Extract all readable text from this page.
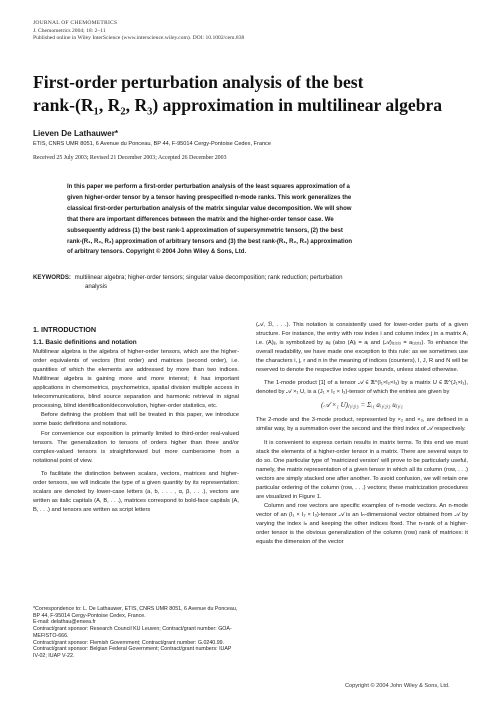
JOURNAL OF CHEMOMETRICS
J. Chemometrics 2004; 18: 2–11
Published online in Wiley InterScience (www.interscience.wiley.com). DOI: 10.1002/cem.838
First-order perturbation analysis of the best
rank-(R₁, R₂, R₃) approximation in multilinear algebra
Lieven De Lathauwer*
ETIS, CNRS UMR 8051, 6 Avenue du Ponceau, BP 44, F-95014 Cergy-Pontoise Cedex, France
Received 25 July 2003; Revised 21 December 2003; Accepted 26 December 2003
In this paper we perform a first-order perturbation analysis of the least squares approximation of a
given higher-order tensor by a tensor having prespecified n-mode ranks. This work generalizes the
classical first-order perturbation analysis of the matrix singular value decomposition. We will show
that there are important differences between the matrix and the higher-order tensor case. We
subsequently address (1) the best rank-1 approximation of supersymmetric tensors, (2) the best
rank-(R₁, R₂, R₃) approximation of arbitrary tensors and (3) the best rank-(R₁, R₂, R₃) approximation
of arbitrary tensors. Copyright © 2004 John Wiley & Sons, Ltd.
KEYWORDS: multilinear algebra; higher-order tensors; singular value decomposition; rank reduction; perturbation
analysis
1. INTRODUCTION
1.1. Basic definitions and notation
Multilinear algebra is the algebra of higher-order tensors, which are the higher-order equivalents of vectors (first order) and matrices (second order), i.e. quantities of which the elements are addressed by more than two indices. Multilinear algebra is gaining more and more interest; it has important applications in chemometrics, psychometrics, spatial division multiple access in telecommunications, blind source separation and harmonic retrieval in signal processing, blind identification/deconvolution, higher-order statistics, etc.
Before defining the problem that will be treated in this paper, we introduce some basic definitions and notations.
For convenience our exposition is primarily limited to third-order real-valued tensors. The generalization to tensors of orders higher than three and/or complex-valued tensors is straightforward but more cumbersome from a notational point of view.
To facilitate the distinction between scalars, vectors, matrices and higher-order tensors, we will indicate the type of a given quantity by its representation: scalars are denoted by lower-case letters (a, b, . . . , α, β, . . .), vectors are written as italic capitals (A, B, . . .), matrices correspond to bold-face capitals (A, B, . . .) and tensors are written as script letters
*Correspondence to: L. De Lathauwer, ETIS, CNRS UMR 8051, 6 Avenue du Ponceau, BP 44, F-95014 Cergy-Pontoise Cedex, France.
E-mail: delathau@ensea.fr
Contract/grant sponsor: Research Council KU Leuven; Contract/grant number: GOA-MEFISTO-666.
Contract/grant sponsor: Flemish Government; Contract/grant number: G.0240.99.
Contract/grant sponsor: Belgian Federal Government; Contract/grant numbers: IUAP IV-02; IUAP V-22.
(𝒜, ℬ, . . .). This notation is consistently used for lower-order parts of a given structure. For instance, the entry with row index i and column index j in a matrix A, i.e. (A)ᵢⱼ, is symbolized by aᵢⱼ (also (A)ᵢ = aᵢ and (𝒜)ᵢ₁ᵢ₂ᵢ₃ = aᵢ₁ᵢ₂ᵢ₃). To enhance the overall readability, we have made one exception to this rule: as we sometimes use the characters i, j, r and n in the meaning of indices (counters), I, J, R and N will be reserved to denote the respective index upper bounds, unless stated otherwise.
The 1-mode product [1] of a tensor 𝒜 ∈ ℝ^(I₁×I₂×I₃) by a matrix U ∈ ℝ^(J₁×I₁), denoted by 𝒜 ×₁ U, is a (J₁ × I₂ × I₃)-tensor of which the entries are given by
(𝒜 ×₁ U)ⱼ₁ᵢ₂ᵢ₃ = Σᵢ₁ aᵢ₁ᵢ₂ᵢ₃ uⱼ₁ᵢ₁
The 2-mode and the 3-mode product, represented by ×₂ and ×₃, are defined in a similar way, by a summation over the second and the third index of 𝒜 respectively.
It is convenient to express certain results in matrix terms. To this end we must stack the elements of a higher-order tensor in a matrix. There are several ways to do so. One particular type of 'matricized version' will prove to be particularly useful, namely, the matrix representation of a given tensor in which all its column (row, . . .) vectors are simply stacked one after another. To avoid confusion, we will retain one particular ordering of the column (row, . . .) vectors; these matricization procedures are visualized in Figure 1.
Column and row vectors are specific examples of n-mode vectors. An n-mode vector of an (I₁ × I₂ × I₃)-tensor 𝒜 is an Iₙ-dimensional vector obtained from 𝒜 by varying the index iₙ and keeping the other indices fixed. The n-rank of a higher-order tensor is the obvious generalization of the column (row) rank of matrices: it equals the dimension of the vector
Copyright © 2004 John Wiley & Sons, Ltd.
